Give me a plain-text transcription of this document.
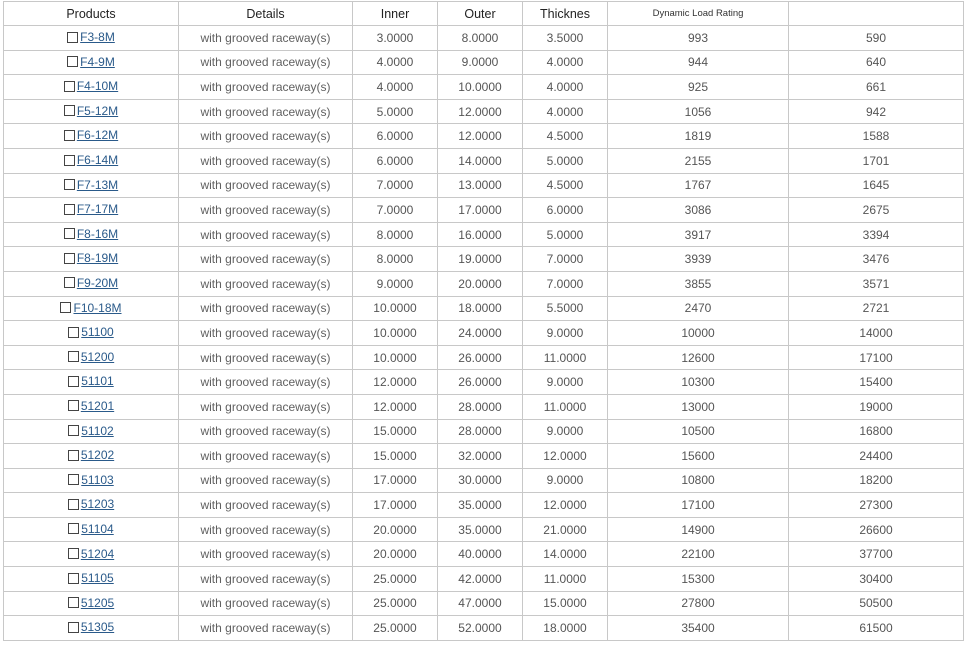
Products	Details	Inner	Outer	Thicknes	Dynamic Load Rating	

F3-8M	with grooved raceway(s)	3.0000	8.0000	3.5000	993	590

F4-9M	with grooved raceway(s)	4.0000	9.0000	4.0000	944	640

F4-10M	with grooved raceway(s)	4.0000	10.0000	4.0000	925	661

F5-12M	with grooved raceway(s)	5.0000	12.0000	4.0000	1056	942

F6-12M	with grooved raceway(s)	6.0000	12.0000	4.5000	1819	1588

F6-14M	with grooved raceway(s)	6.0000	14.0000	5.0000	2155	1701

F7-13M	with grooved raceway(s)	7.0000	13.0000	4.5000	1767	1645

F7-17M	with grooved raceway(s)	7.0000	17.0000	6.0000	3086	2675

F8-16M	with grooved raceway(s)	8.0000	16.0000	5.0000	3917	3394

F8-19M	with grooved raceway(s)	8.0000	19.0000	7.0000	3939	3476

F9-20M	with grooved raceway(s)	9.0000	20.0000	7.0000	3855	3571

F10-18M	with grooved raceway(s)	10.0000	18.0000	5.5000	2470	2721

51100	with grooved raceway(s)	10.0000	24.0000	9.0000	10000	14000

51200	with grooved raceway(s)	10.0000	26.0000	11.0000	12600	17100

51101	with grooved raceway(s)	12.0000	26.0000	9.0000	10300	15400

51201	with grooved raceway(s)	12.0000	28.0000	11.0000	13000	19000

51102	with grooved raceway(s)	15.0000	28.0000	9.0000	10500	16800

51202	with grooved raceway(s)	15.0000	32.0000	12.0000	15600	24400

51103	with grooved raceway(s)	17.0000	30.0000	9.0000	10800	18200

51203	with grooved raceway(s)	17.0000	35.0000	12.0000	17100	27300

51104	with grooved raceway(s)	20.0000	35.0000	21.0000	14900	26600

51204	with grooved raceway(s)	20.0000	40.0000	14.0000	22100	37700

51105	with grooved raceway(s)	25.0000	42.0000	11.0000	15300	30400

51205	with grooved raceway(s)	25.0000	47.0000	15.0000	27800	50500

51305	with grooved raceway(s)	25.0000	52.0000	18.0000	35400	61500
